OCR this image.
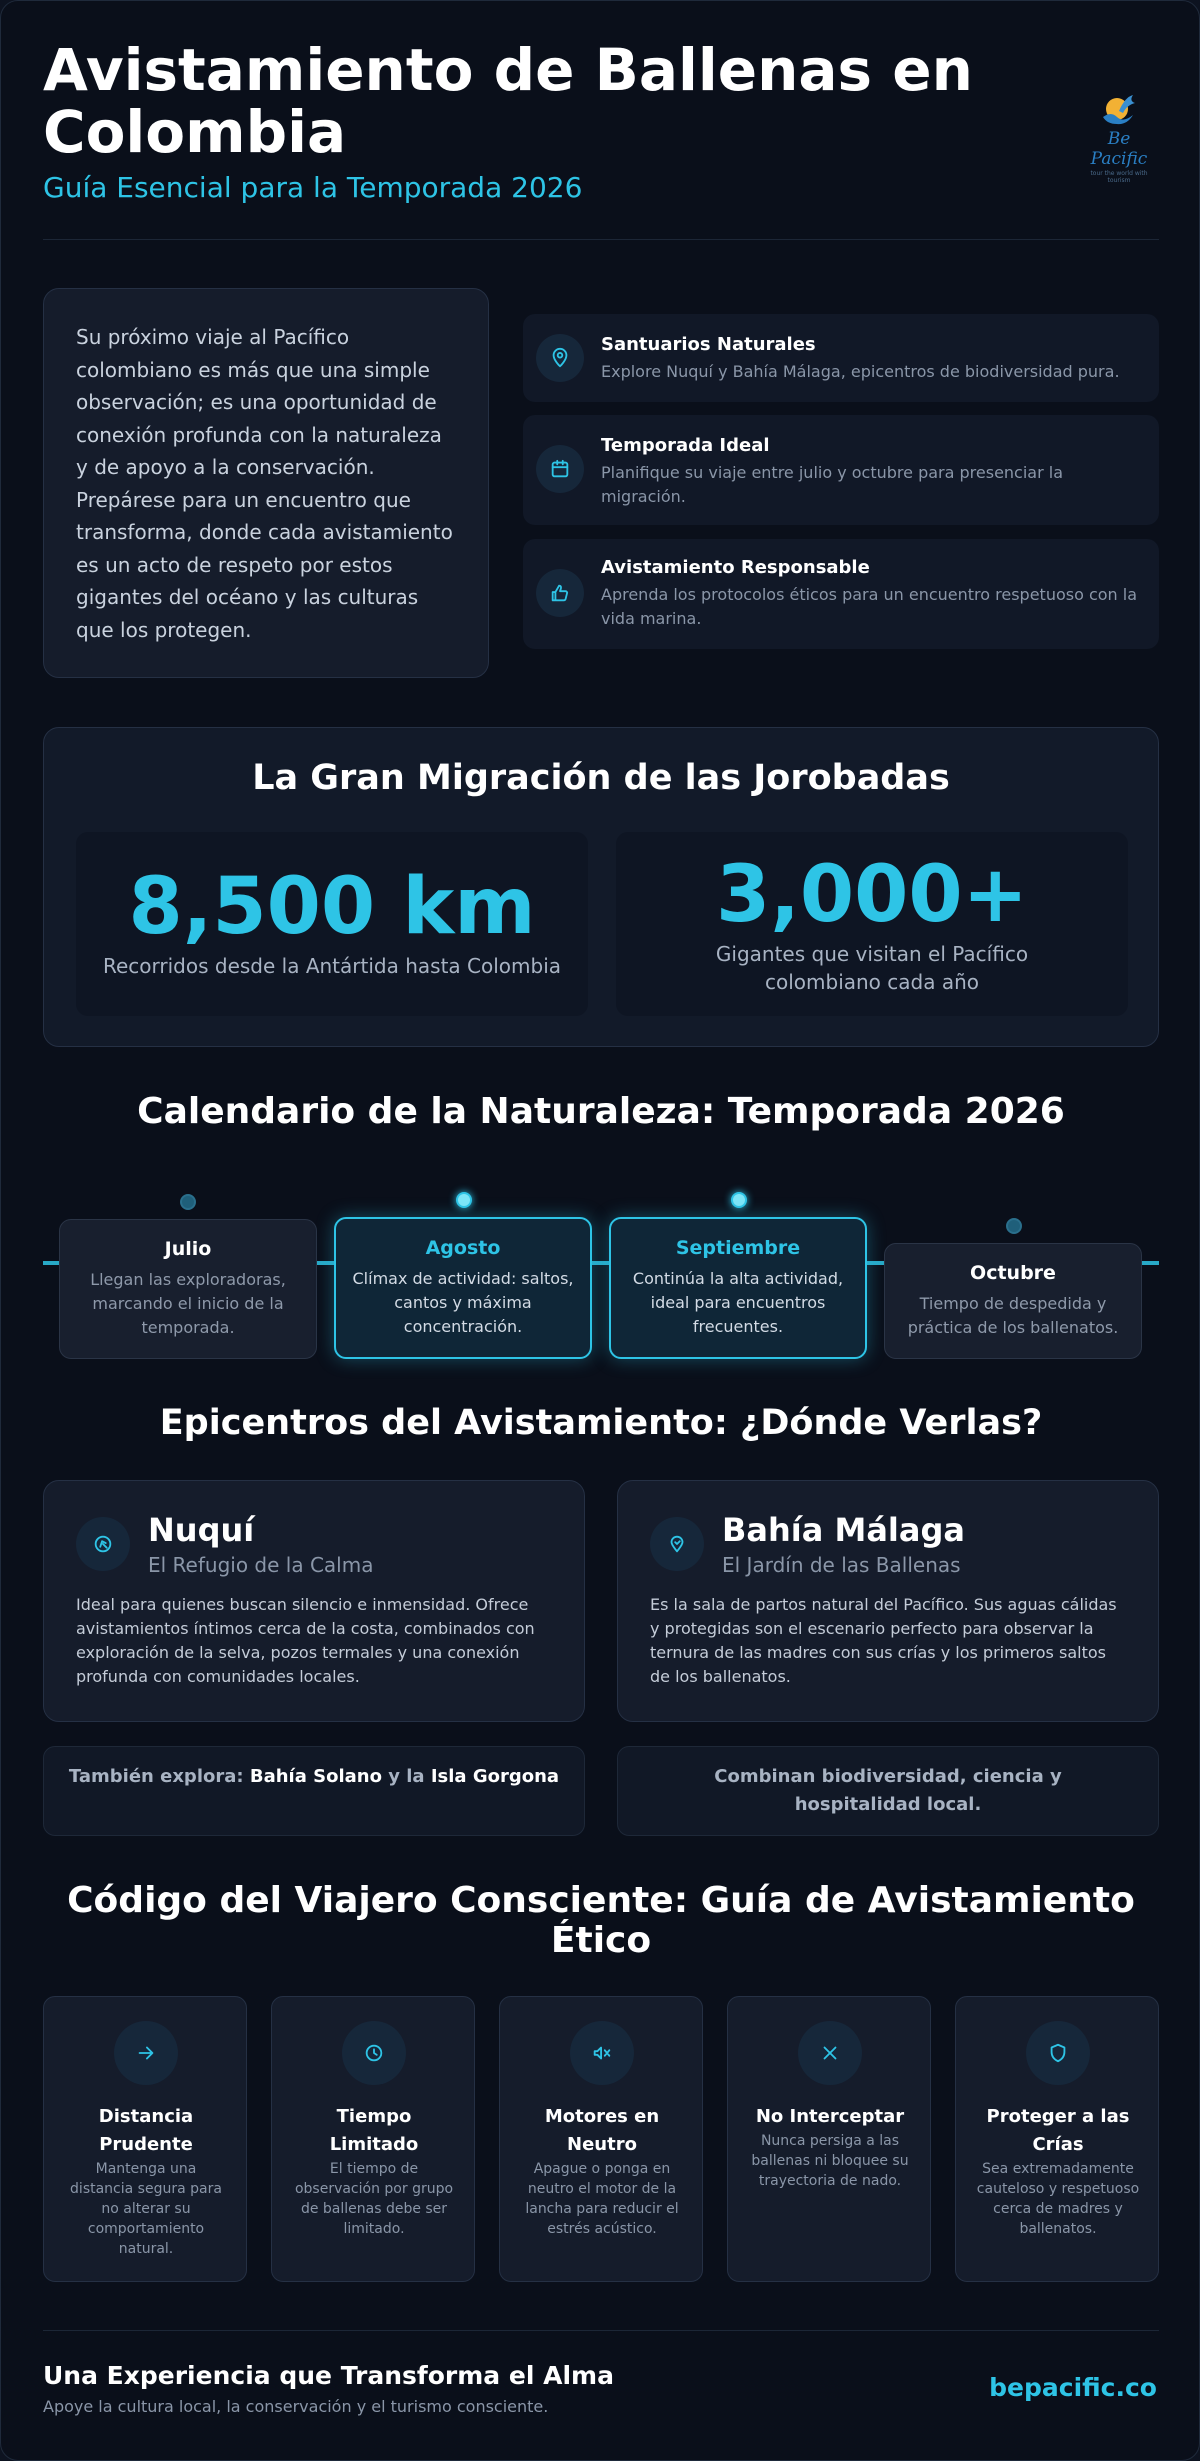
Avistamiento de Ballenas en Colombia
Guía Esencial para la Temporada 2026
Be Pacific
tour the world with tourism

Su próximo viaje al Pacífico colombiano es más que una simple observación; es una oportunidad de conexión profunda con la naturaleza y de apoyo a la conservación. Prepárese para un encuentro que transforma, donde cada avistamiento es un acto de respeto por estos gigantes del océano y las culturas que los protegen.

Santuarios Naturales
Explore Nuquí y Bahía Málaga, epicentros de biodiversidad pura.
Temporada Ideal
Planifique su viaje entre julio y octubre para presenciar la migración.
Avistamiento Responsable
Aprenda los protocolos éticos para un encuentro respetuoso con la vida marina.
La Gran Migración de las Jorobadas
8,500 km
Recorridos desde la Antártida hasta Colombia
3,000+
Gigantes que visitan el Pacífico colombiano cada año
Calendario de la Naturaleza: Temporada 2026
Julio
Llegan las exploradoras, marcando el inicio de la temporada.
Agosto
Clímax de actividad: saltos, cantos y máxima concentración.
Septiembre
Continúa la alta actividad, ideal para encuentros frecuentes.
Octubre
Tiempo de despedida y práctica de los ballenatos.
Epicentros del Avistamiento: ¿Dónde Verlas?
Nuquí
El Refugio de la Calma
Ideal para quienes buscan silencio e inmensidad. Ofrece avistamientos íntimos cerca de la costa, combinados con exploración de la selva, pozos termales y una conexión profunda con comunidades locales.
Bahía Málaga
El Jardín de las Ballenas
Es la sala de partos natural del Pacífico. Sus aguas cálidas y protegidas son el escenario perfecto para observar la ternura de las madres con sus crías y los primeros saltos de los ballenatos.
También explora: Bahía Solano y la Isla Gorgona	Combinan biodiversidad, ciencia y hospitalidad local.
Código del Viajero Consciente: Guía de Avistamiento Ético
Distancia Prudente
Mantenga una distancia segura para no alterar su comportamiento natural.
Tiempo Limitado
El tiempo de observación por grupo de ballenas debe ser limitado.
Motores en Neutro
Apague o ponga en neutro el motor de la lancha para reducir el estrés acústico.
No Interceptar
Nunca persiga a las ballenas ni bloquee su trayectoria de nado.
Proteger a las Crías
Sea extremadamente cauteloso y respetuoso cerca de madres y ballenatos.
Una Experiencia que Transforma el Alma
Apoye la cultura local, la conservación y el turismo consciente.
bepacific.co
